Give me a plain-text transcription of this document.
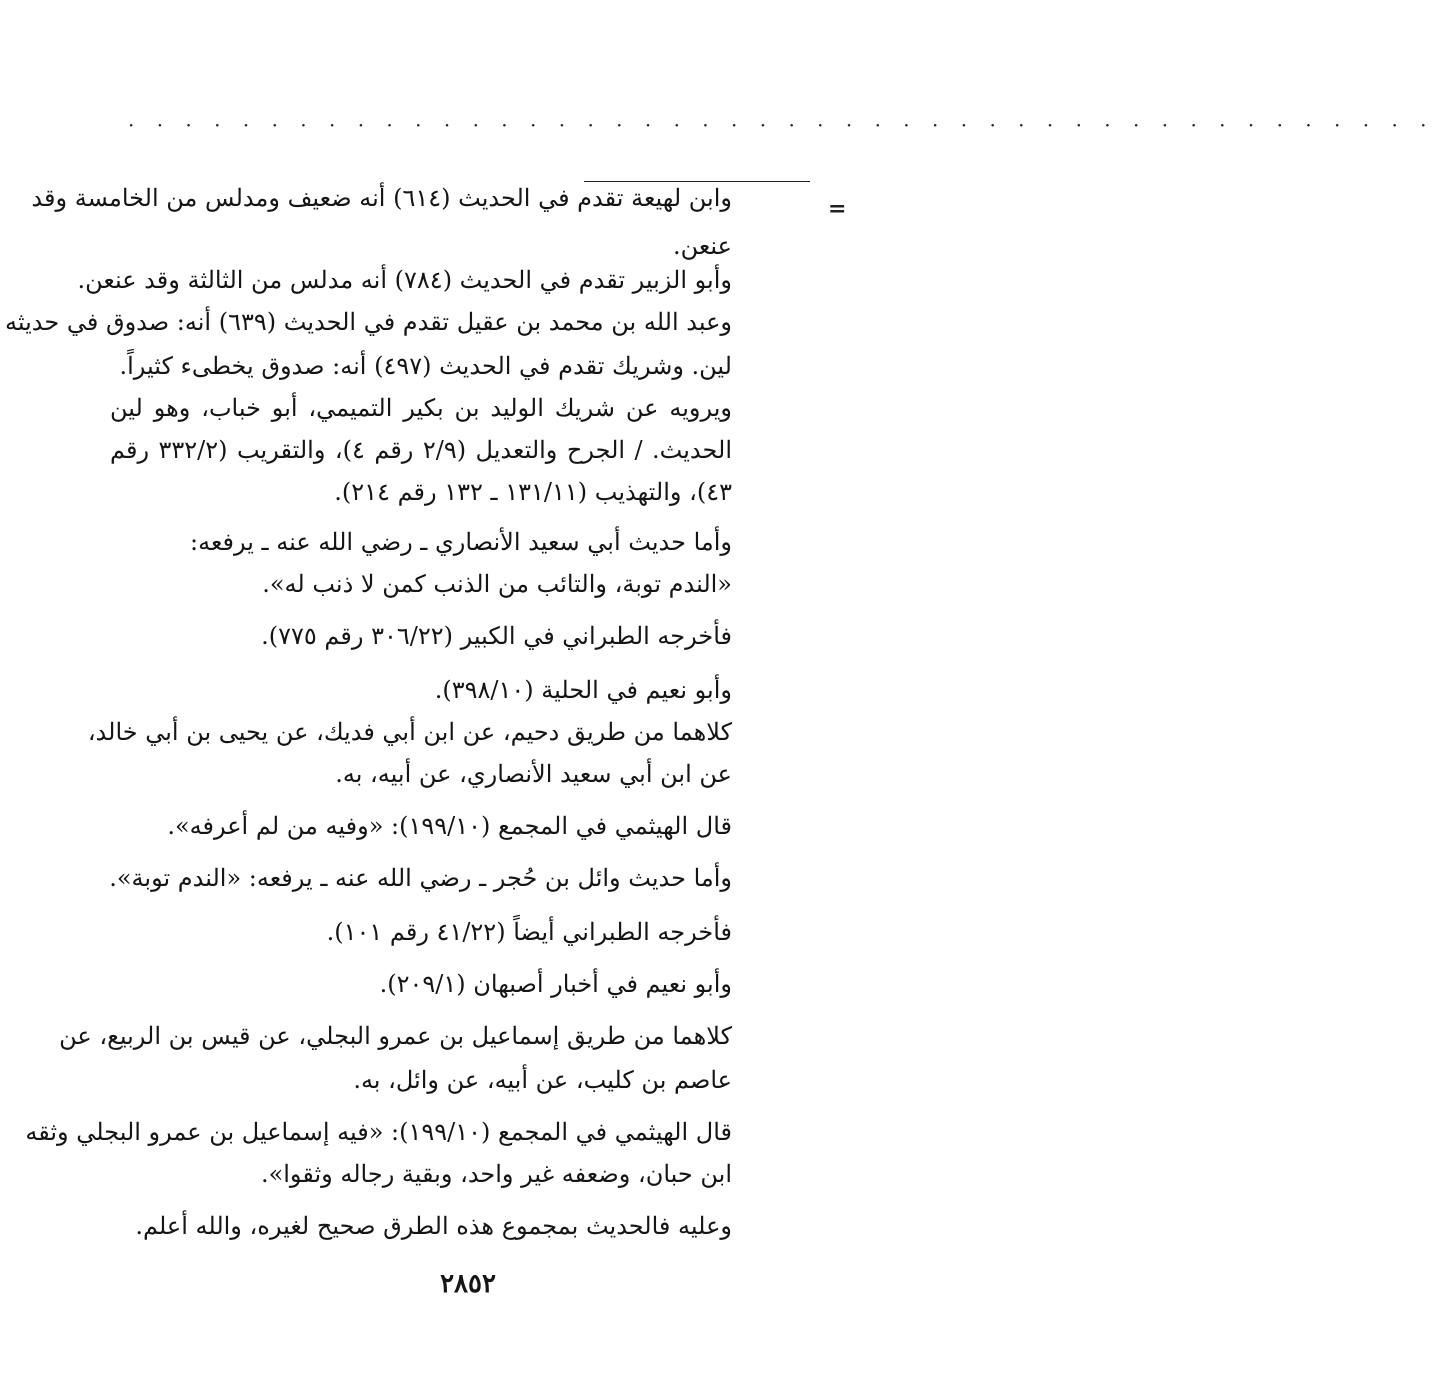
· · · · · · · · · · · · · · · · · · · · · · · · · · · · · · · · · · · · · · · · · · · · · ·
=
وابن لهيعة تقدم في الحديث (٦١٤) أنه ضعيف ومدلس من الخامسة وقد
عنعن.
وأبو الزبير تقدم في الحديث (٧٨٤) أنه مدلس من الثالثة وقد عنعن.
وعبد الله بن محمد بن عقيل تقدم في الحديث (٦٣٩) أنه: صدوق في حديثه
لين. وشريك تقدم في الحديث (٤٩٧) أنه: صدوق يخطىء كثيراً.
ويرويه عن شريك الوليد بن بكير التميمي، أبو خباب، وهو لين
الحديث. / الجرح والتعديل (٢/٩ رقم ٤)، والتقريب (٣٣٢/٢ رقم
٤٣)، والتهذيب (١٣١/١١ ـ ١٣٢ رقم ٢١٤).
وأما حديث أبي سعيد الأنصاري ـ رضي الله عنه ـ يرفعه:
«الندم توبة، والتائب من الذنب كمن لا ذنب له».
فأخرجه الطبراني في الكبير (٣٠٦/٢٢ رقم ٧٧٥).
وأبو نعيم في الحلية (٣٩٨/١٠).
كلاهما من طريق دحيم، عن ابن أبي فديك، عن يحيى بن أبي خالد،
عن ابن أبي سعيد الأنصاري، عن أبيه، به.
قال الهيثمي في المجمع (١٩٩/١٠): «وفيه من لم أعرفه».
وأما حديث وائل بن حُجر ـ رضي الله عنه ـ يرفعه: «الندم توبة».
فأخرجه الطبراني أيضاً (٤١/٢٢ رقم ١٠١).
وأبو نعيم في أخبار أصبهان (٢٠٩/١).
كلاهما من طريق إسماعيل بن عمرو البجلي، عن قيس بن الربيع، عن
عاصم بن كليب، عن أبيه، عن وائل، به.
قال الهيثمي في المجمع (١٩٩/١٠): «فيه إسماعيل بن عمرو البجلي وثقه
ابن حبان، وضعفه غير واحد، وبقية رجاله وثقوا».
وعليه فالحديث بمجموع هذه الطرق صحيح لغيره، والله أعلم.
٢٨٥٢
